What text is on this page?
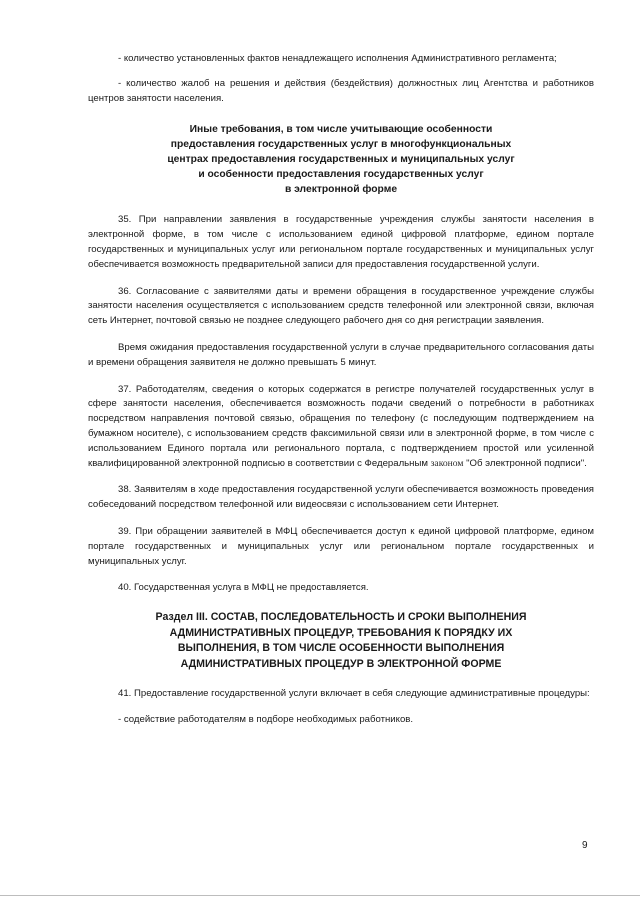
- количество установленных фактов ненадлежащего исполнения Административного регламента;

- количество жалоб на решения и действия (бездействия) должностных лиц Агентства и работников центров занятости населения.

Иные требования, в том числе учитывающие особенности
предоставления государственных услуг в многофункциональных
центрах предоставления государственных и муниципальных услуг
и особенности предоставления государственных услуг
в электронной форме

35. При направлении заявления в государственные учреждения службы занятости населения в электронной форме, в том числе с использованием единой цифровой платформе, едином портале государственных и муниципальных услуг или региональном портале государственных и муниципальных услуг обеспечивается возможность предварительной записи для предоставления государственной услуги.

36. Согласование с заявителями даты и времени обращения в государственное учреждение службы занятости населения осуществляется с использованием средств телефонной или электронной связи, включая сеть Интернет, почтовой связью не позднее следующего рабочего дня со дня регистрации заявления.

Время ожидания предоставления государственной услуги в случае предварительного согласования даты и времени обращения заявителя не должно превышать 5 минут.

37. Работодателям, сведения о которых содержатся в регистре получателей государственных услуг в сфере занятости населения, обеспечивается возможность подачи сведений о потребности в работниках посредством направления почтовой связью, обращения по телефону (с последующим подтверждением на бумажном носителе), с использованием средств факсимильной связи или в электронной форме, в том числе с использованием Единого портала или регионального портала, с подтверждением простой или усиленной квалифицированной электронной подписью в соответствии с Федеральным законом "Об электронной подписи".

38. Заявителям в ходе предоставления государственной услуги обеспечивается возможность проведения собеседований посредством телефонной или видеосвязи с использованием сети Интернет.

39. При обращении заявителей в МФЦ обеспечивается доступ к единой цифровой платформе, едином портале государственных и муниципальных услуг или региональном портале государственных и муниципальных услуг.

40. Государственная услуга в МФЦ не предоставляется.

Раздел III. СОСТАВ, ПОСЛЕДОВАТЕЛЬНОСТЬ И СРОКИ ВЫПОЛНЕНИЯ
АДМИНИСТРАТИВНЫХ ПРОЦЕДУР, ТРЕБОВАНИЯ К ПОРЯДКУ ИХ
ВЫПОЛНЕНИЯ, В ТОМ ЧИСЛЕ ОСОБЕННОСТИ ВЫПОЛНЕНИЯ
АДМИНИСТРАТИВНЫХ ПРОЦЕДУР В ЭЛЕКТРОННОЙ ФОРМЕ

41. Предоставление государственной услуги включает в себя следующие административные процедуры:

- содействие работодателям в подборе необходимых работников.

9
